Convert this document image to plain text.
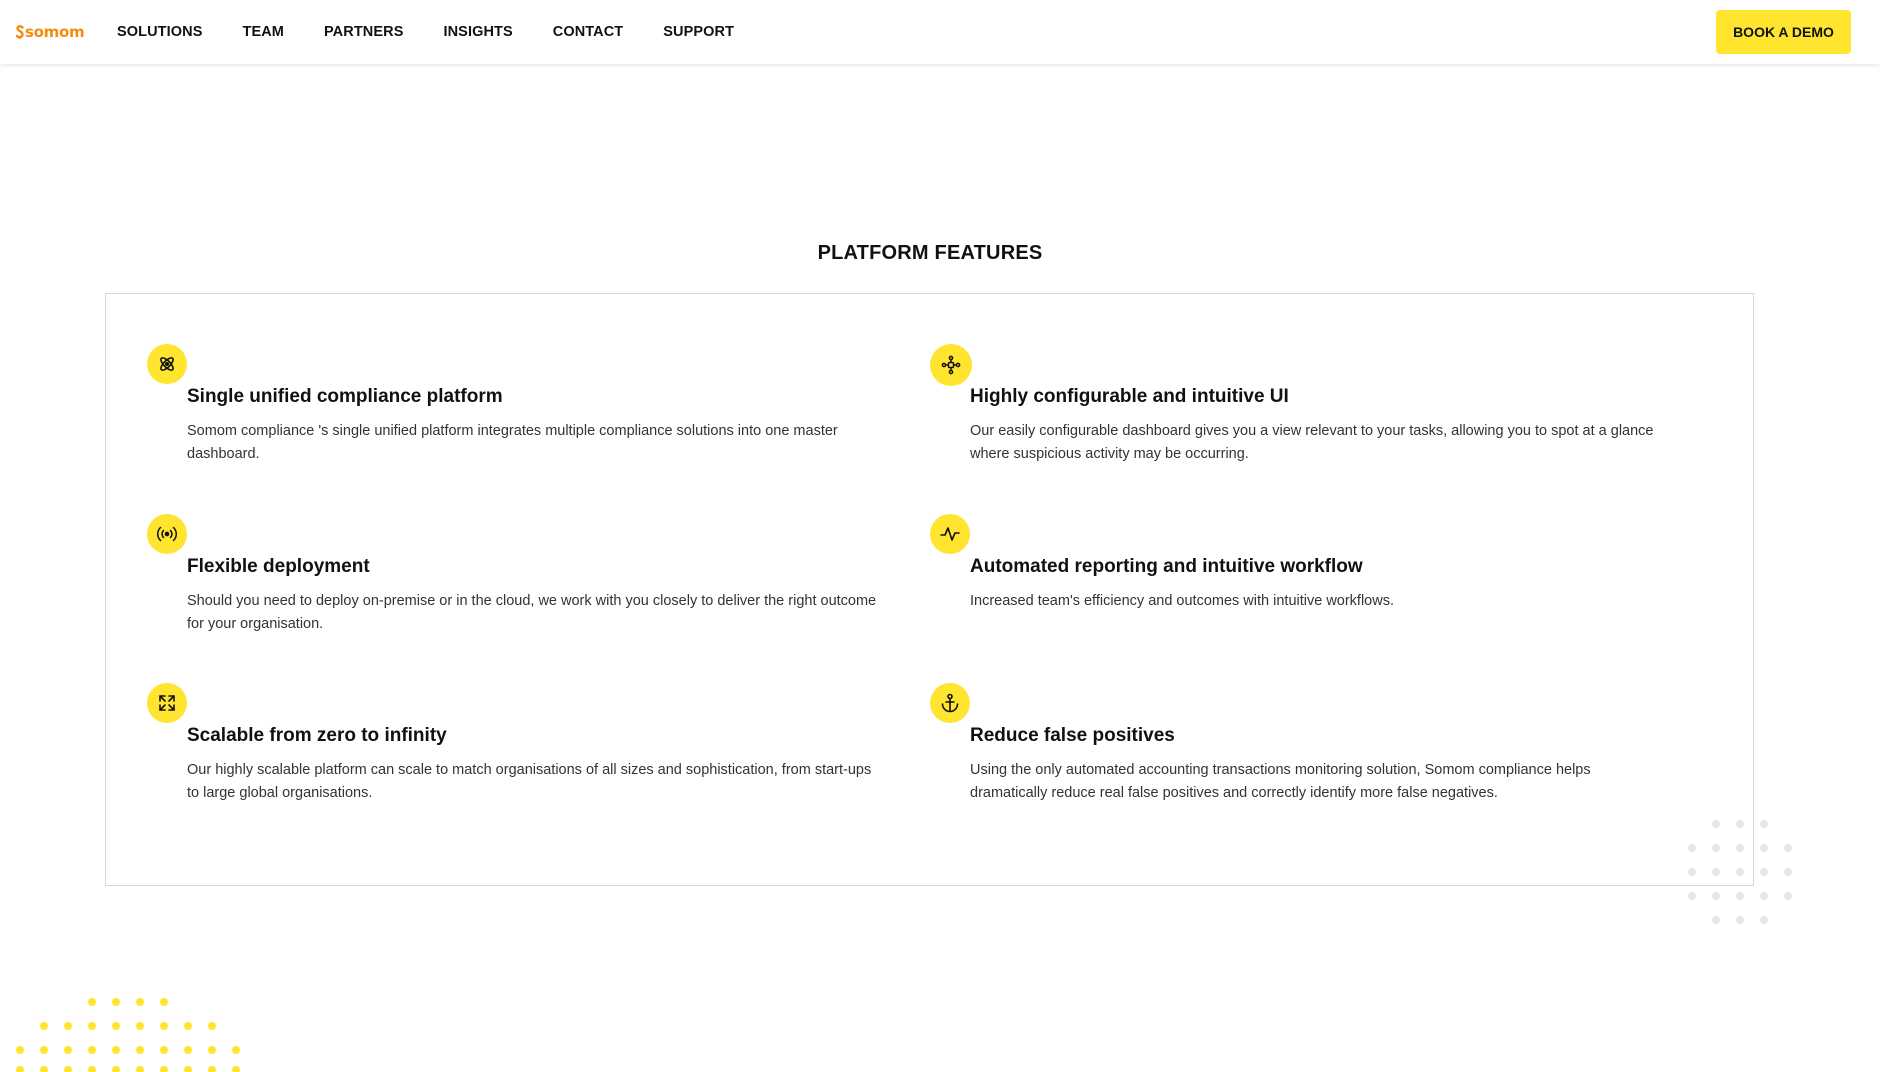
somom SOLUTIONS	TEAM	PARTNERS	INSIGHTS	CONTACT	SUPPORT	BOOK A DEMO
PLATFORM FEATURES
Single unified compliance platform
Somom compliance 's single unified platform integrates multiple compliance solutions into one master dashboard.
Highly configurable and intuitive UI
Our easily configurable dashboard gives you a view relevant to your tasks, allowing you to spot at a glance where suspicious activity may be occurring.
Flexible deployment
Should you need to deploy on-premise or in the cloud, we work with you closely to deliver the right outcome for your organisation.
Automated reporting and intuitive workflow
Increased team's efficiency and outcomes with intuitive workflows.
Scalable from zero to infinity
Our highly scalable platform can scale to match organisations of all sizes and sophistication, from start-ups to large global organisations.
Reduce false positives
Using the only automated accounting transactions monitoring solution, Somom compliance helps dramatically reduce real false positives and correctly identify more false negatives.
